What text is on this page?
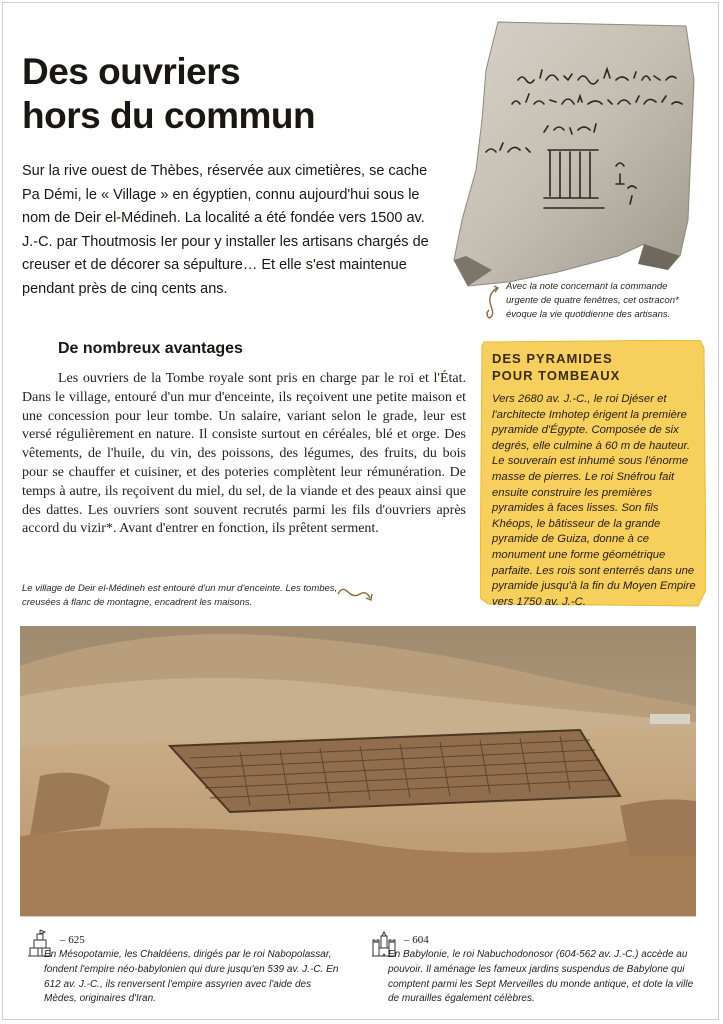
Des ouvriers
hors du commun
Sur la rive ouest de Thèbes, réservée aux cimetières, se cache Pa Démi, le « Village » en égyptien, connu aujourd'hui sous le nom de Deir el-Médineh. La localité a été fondée vers 1500 av. J.-C. par Thoutmosis Ier pour y installer les artisans chargés de creuser et de décorer sa sépulture… Et elle s'est maintenue pendant près de cinq cents ans.	Avec la note concernant la commande urgente de quatre fenêtres, cet ostracon* évoque la vie quotidienne des artisans.
De nombreux avantages

Les ouvriers de la Tombe royale sont pris en charge par le roi et l'État. Dans le village, entouré d'un mur d'enceinte, ils reçoivent une petite maison et une concession pour leur tombe. Un salaire, variant selon le grade, leur est versé régulièrement en nature. Il consiste surtout en céréales, blé et orge. Des vêtements, de l'huile, du vin, des poissons, des légumes, des fruits, du bois pour se chauffer et cuisiner, et des poteries complètent leur rémunération. De temps à autre, ils reçoivent du miel, du sel, de la viande et des peaux ainsi que des dattes. Les ouvriers sont souvent recrutés parmi les fils d'ouvriers après accord du vizir*. Avant d'entrer en fonction, ils prêtent serment.

DES PYRAMIDES
POUR TOMBEAUX
Vers 2680 av. J.-C., le roi Djéser et l'architecte Imhotep érigent la première pyramide d'Égypte. Composée de six degrés, elle culmine à 60 m de hauteur. Le souverain est inhumé sous l'énorme masse de pierres. Le roi Snéfrou fait ensuite construire les premières pyramides à faces lisses. Son fils Khéops, le bâtisseur de la grande pyramide de Guiza, donne à ce monument une forme géométrique parfaite. Les rois sont enterrés dans une pyramide jusqu'à la fin du Moyen Empire vers 1750 av. J.-C.
Le village de Deir el-Médineh est entouré d'un mur d'enceinte. Les tombes, creusées à flanc de montagne, encadrent les maisons.
– 625
En Mésopotamie, les Chaldéens, dirigés par le roi Nabopolassar, fondent l'empire néo-babylonien qui dure jusqu'en 539 av. J.-C. En 612 av. J.-C., ils renversent l'empire assyrien avec l'aide des Mèdes, originaires d'Iran.
– 604
En Babylonie, le roi Nabuchodonosor (604-562 av. J.-C.) accède au pouvoir. Il aménage les fameux jardins suspendus de Babylone qui comptent parmi les Sept Merveilles du monde antique, et dote la ville de murailles également célèbres.
